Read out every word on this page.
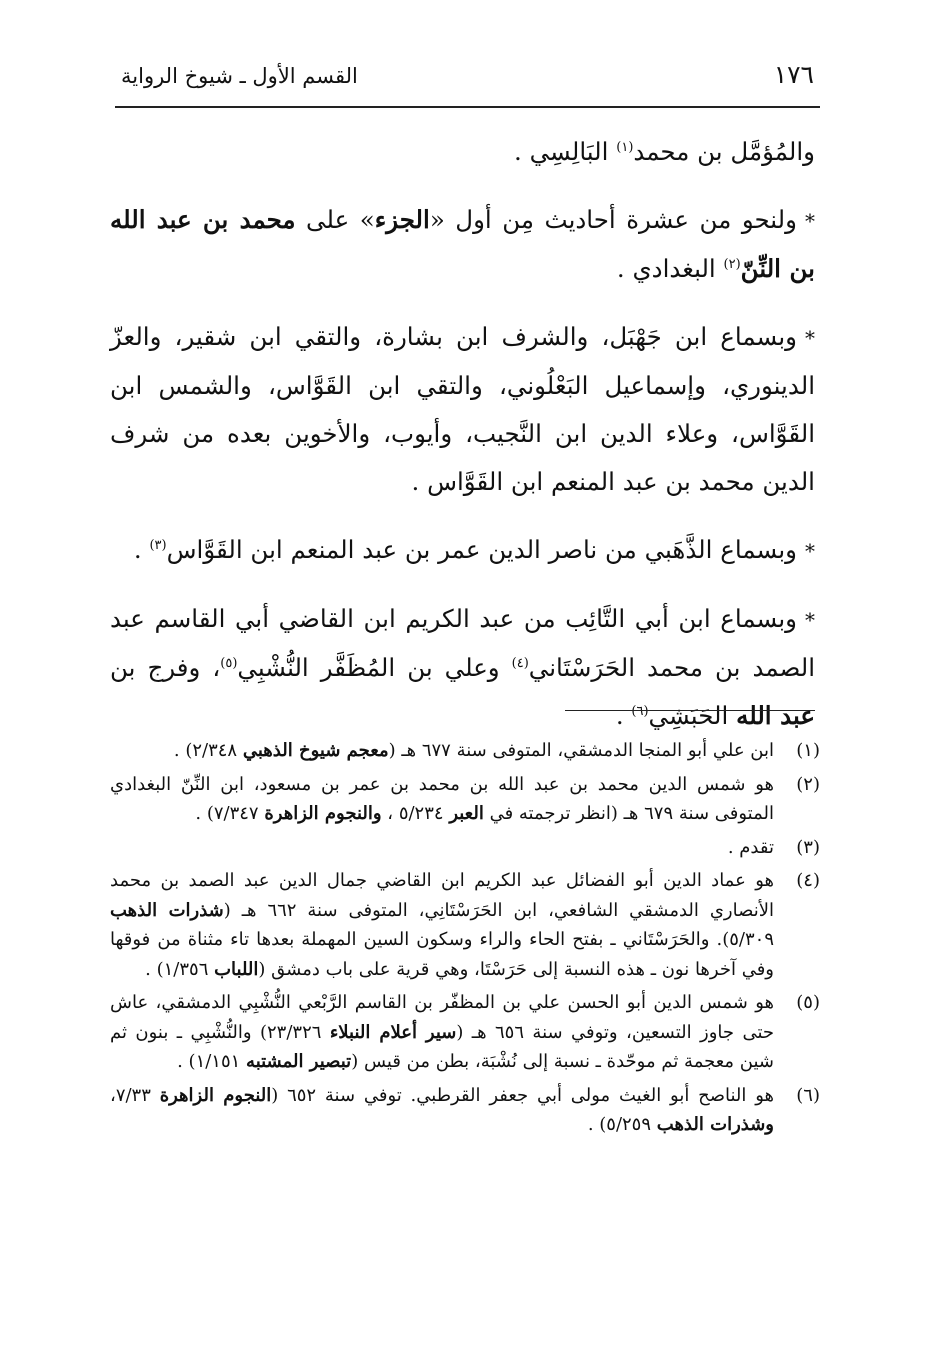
١٧٦
القسم الأول ـ شيوخ الرواية

والمُؤمَّل بن محمد$^{(١)}$ البَالِسِي .

*ولنحو من عشرة أحاديث مِن أول «الجزء» على محمد بن عبد الله بن النِّنّ$^{(٢)}$ البغدادي .

*وبسماع ابن جَهْبَل، والشرف ابن بشارة، والتقي ابن شقير، والعزّ الدينوري، وإسماعيل البَعْلُوني، والتقي ابن القَوَّاس، والشمس ابن القَوَّاس، وعلاء الدين ابن النَّجيب، وأيوب، والأخوين بعده من شرف الدين محمد بن عبد المنعم ابن القَوَّاس .

*وبسماع الذَّهَبي من ناصر الدين عمر بن عبد المنعم ابن القَوَّاس$^{(٣)}$ .

*وبسماع ابن أبي التَّائِب من عبد الكريم ابن القاضي أبي القاسم عبد الصمد بن محمد الحَرَسْتَاني$^{(٤)}$ وعلي بن المُظَفَّر النُّشْبِي$^{(٥)}$، وفرج بن عبد الله الحَبَشِي$^{(٦)}$ .

(١)
ابن علي أبو المنجا الدمشقي، المتوفى سنة ٦٧٧ هـ (معجم شيوخ الذهبي ٢/٣٤٨) .
(٢)
هو شمس الدين محمد بن عبد الله بن محمد بن عمر بن مسعود، ابن النِّنّ البغدادي المتوفى سنة ٦٧٩ هـ (انظر ترجمته في العبر ٥/٢٣٤ ، والنجوم الزاهرة ٧/٣٤٧) .
(٣)
تقدم .
(٤)
هو عماد الدين أبو الفضائل عبد الكريم ابن القاضي جمال الدين عبد الصمد بن محمد الأنصاري الدمشقي الشافعي، ابن الحَرَسْتَانِي، المتوفى سنة ٦٦٢ هـ (شذرات الذهب ٥/٣٠٩). والحَرَسْتَاني ـ بفتح الحاء والراء وسكون السين المهملة بعدها تاء مثناة من فوقها وفي آخرها نون ـ هذه النسبة إلى حَرَسْتَا، وهي قرية على باب دمشق (اللباب ١/٣٥٦) .
(٥)
هو شمس الدين أبو الحسن علي بن المظفّر بن القاسم الرَّبْعي النُّشْبِي الدمشقي، عاش حتى جاوز التسعين، وتوفي سنة ٦٥٦ هـ (سير أعلام النبلاء ٢٣/٣٢٦) والنُّشْبِي ـ بنون ثم شين معجمة ثم موحّدة ـ نسبة إلى نُشْبَة، بطن من قيس (تبصير المشتبه ١/١٥١) .
(٦)
هو الناصح أبو الغيث مولى أبي جعفر القرطبي. توفي سنة ٦٥٢ (النجوم الزاهرة ٧/٣٣، وشذرات الذهب ٥/٢٥٩) .
